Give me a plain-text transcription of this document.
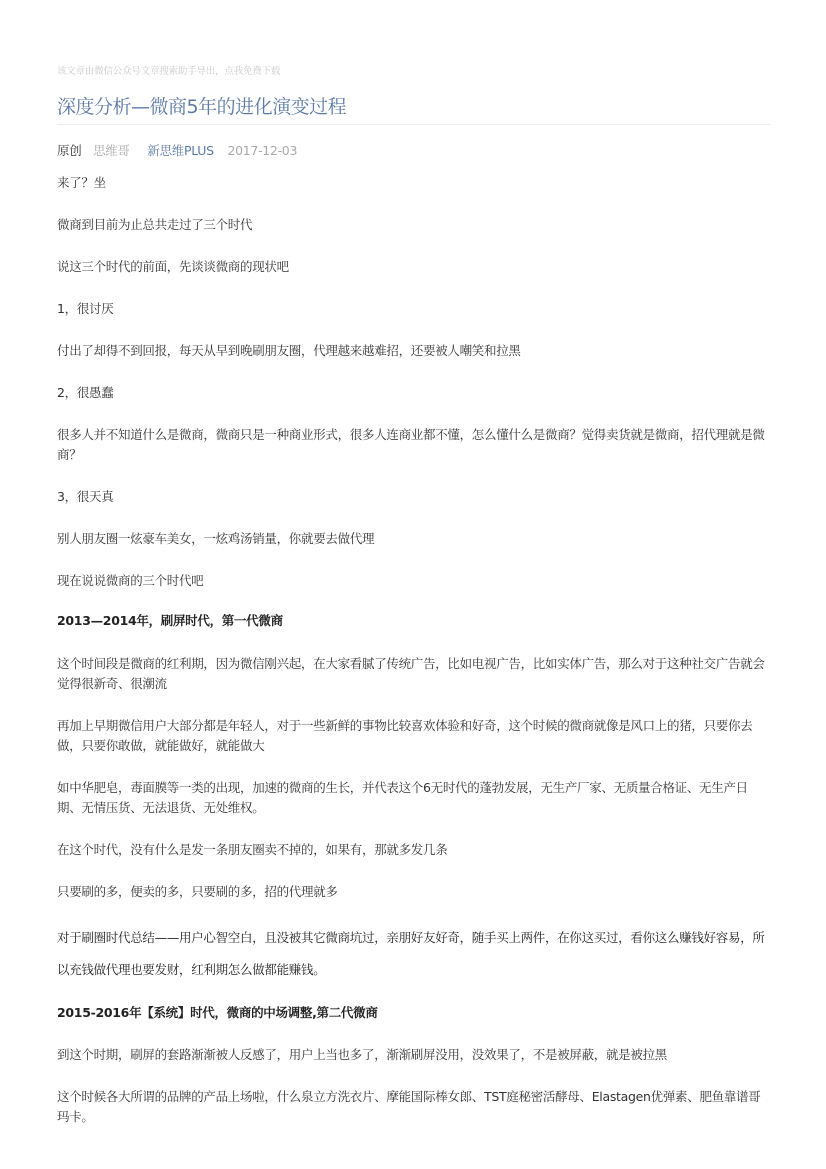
该文章由微信公众号文章搜索助手导出，点我免费下载
深度分析—微商5年的进化演变过程
原创 思维哥 新思维PLUS 2017-12-03

来了？坐

微商到目前为止总共走过了三个时代

说这三个时代的前面，先谈谈微商的现状吧

1，很讨厌

付出了却得不到回报，每天从早到晚刷朋友圈，代理越来越难招，还要被人嘲笑和拉黑

2，很愚蠢

很多人并不知道什么是微商，微商只是一种商业形式，很多人连商业都不懂，怎么懂什么是微商？觉得卖货就是微商，招代理就是微商？

3，很天真

别人朋友圈一炫豪车美女，一炫鸡汤销量，你就要去做代理

现在说说微商的三个时代吧

2013—2014年，刷屏时代，第一代微商

这个时间段是微商的红利期，因为微信刚兴起，在大家看腻了传统广告，比如电视广告，比如实体广告，那么对于这种社交广告就会觉得很新奇、很潮流

再加上早期微信用户大部分都是年轻人，对于一些新鲜的事物比较喜欢体验和好奇，这个时候的微商就像是风口上的猪，只要你去做，只要你敢做，就能做好，就能做大

如中华肥皂，毒面膜等一类的出现，加速的微商的生长，并代表这个6无时代的蓬勃发展，无生产厂家、无质量合格证、无生产日期、无情压货、无法退货、无处维权。

在这个时代，没有什么是发一条朋友圈卖不掉的，如果有，那就多发几条

只要刷的多，便卖的多，只要刷的多，招的代理就多

对于刷圈时代总结——用户心智空白，且没被其它微商坑过，亲朋好友好奇，随手买上两件，在你这买过，看你这么赚钱好容易，所以充钱做代理也要发财，红利期怎么做都能赚钱。

2015-2016年【系统】时代，微商的中场调整,第二代微商

到这个时期，刷屏的套路渐渐被人反感了，用户上当也多了，渐渐刷屏没用，没效果了，不是被屏蔽，就是被拉黑

这个时候各大所谓的品牌的产品上场啦，什么泉立方洗衣片、摩能国际棒女郎、TST庭秘密活酵母、Elastagen优弹素、肥鱼靠谱哥玛卡。
